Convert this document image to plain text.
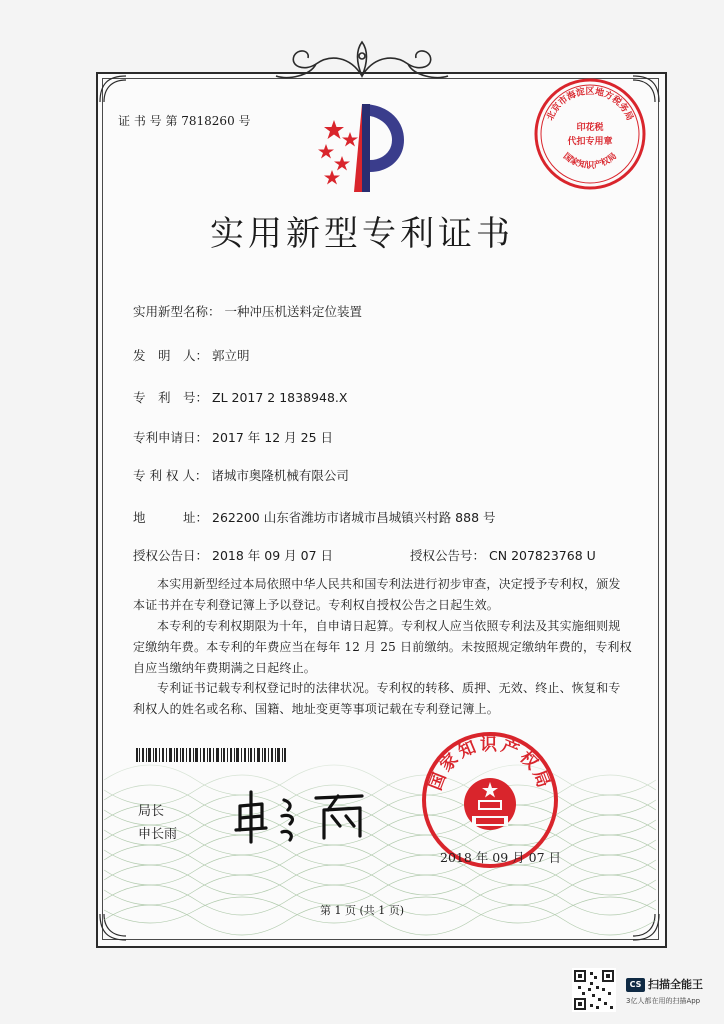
证 书 号 第 7818260 号	北京市海淀区地方税务局
印花税
代扣专用章
国家知识产权局
实用新型专利证书
实用新型名称： 一种冲压机送料定位装置
发　明　人： 郭立明
专　利　号： ZL 2017 2 1838948.X
专利申请日： 2017 年 12 月 25 日
专 利 权 人： 诸城市奥隆机械有限公司
地　　　址： 262200 山东省潍坊市诸城市昌城镇兴村路 888 号
授权公告日： 2018 年 09 月 07 日	授权公告号： CN 207823768 U
本实用新型经过本局依照中华人民共和国专利法进行初步审查，决定授予专利权，颁发
本证书并在专利登记簿上予以登记。专利权自授权公告之日起生效。
本专利的专利权期限为十年，自申请日起算。专利权人应当依照专利法及其实施细则规
定缴纳年费。本专利的年费应当在每年 12 月 25 日前缴纳。未按照规定缴纳年费的，专利权
自应当缴纳年费期满之日起终止。
专利证书记载专利权登记时的法律状况。专利权的转移、质押、无效、终止、恢复和专
利权人的姓名或名称、国籍、地址变更等事项记载在专利登记簿上。
局长
申长雨
国家知识产权局
2018 年 09 月 07 日
第 1 页 (共 1 页)
CS 扫描全能王
3亿人都在用的扫描App
